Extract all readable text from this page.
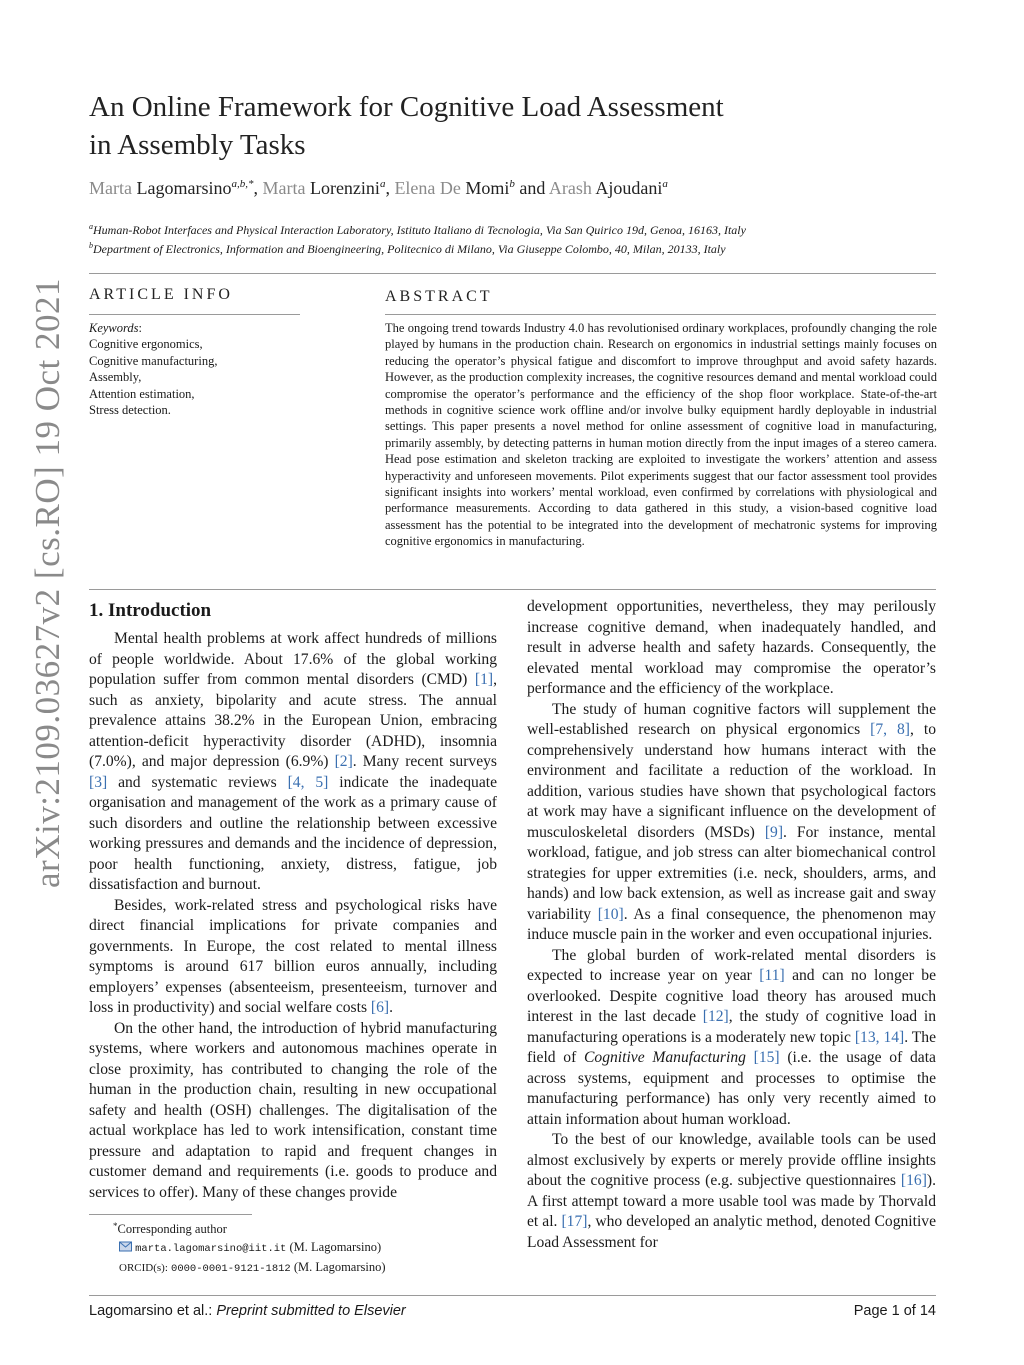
arXiv:2109.03627v2 [cs.RO] 19 Oct 2021
An Online Framework for Cognitive Load Assessment
in Assembly Tasks
Marta Lagomarsino$^{a,b,*}$, Marta Lorenzini$^a$, Elena De Momi$^b$ and Arash Ajoudani$^a$
$^a$Human-Robot Interfaces and Physical Interaction Laboratory, Istituto Italiano di Tecnologia, Via San Quirico 19d, Genoa, 16163, Italy
$^b$Department of Electronics, Information and Bioengineering, Politecnico di Milano, Via Giuseppe Colombo, 40, Milan, 20133, Italy
ARTICLE INFO
Keywords:
Cognitive ergonomics,
Cognitive manufacturing,
Assembly,
Attention estimation,
Stress detection.
ABSTRACT
The ongoing trend towards Industry 4.0 has revolutionised ordinary workplaces, profoundly changing the role played by humans in the production chain. Research on ergonomics in industrial settings mainly focuses on reducing the operator’s physical fatigue and discomfort to improve throughput and avoid safety hazards. However, as the production complexity increases, the cognitive resources demand and mental workload could compromise the operator’s performance and the efficiency of the shop floor workplace. State-of-the-art methods in cognitive science work offline and/or involve bulky equipment hardly deployable in industrial settings. This paper presents a novel method for online assessment of cognitive load in manufacturing, primarily assembly, by detecting patterns in human motion directly from the input images of a stereo camera. Head pose estimation and skeleton tracking are exploited to investigate the workers’ attention and assess hyperactivity and unforeseen movements. Pilot experiments suggest that our factor assessment tool provides significant insights into workers’ mental workload, even confirmed by correlations with physiological and performance measurements. According to data gathered in this study, a vision-based cognitive load assessment has the potential to be integrated into the development of mechatronic systems for improving cognitive ergonomics in manufacturing.
1. Introduction

Mental health problems at work affect hundreds of millions of people worldwide. About 17.6% of the global working population suffer from common mental disorders (CMD) [1], such as anxiety, bipolarity and acute stress. The annual prevalence attains 38.2% in the European Union, embracing attention-deficit hyperactivity disorder (ADHD), insomnia (7.0%), and major depression (6.9%) [2]. Many recent surveys [3] and systematic reviews [4, 5] indicate the inadequate organisation and management of the work as a primary cause of such disorders and outline the relationship between excessive working pressures and demands and the incidence of depression, poor health functioning, anxiety, distress, fatigue, job dissatisfaction and burnout.

Besides, work-related stress and psychological risks have direct financial implications for private companies and governments. In Europe, the cost related to mental illness symptoms is around 617 billion euros annually, including employers’ expenses (absenteeism, presenteeism, turnover and loss in productivity) and social welfare costs [6].

On the other hand, the introduction of hybrid manufacturing systems, where workers and autonomous machines operate in close proximity, has contributed to changing the role of the human in the production chain, resulting in new occupational safety and health (OSH) challenges. The digitalisation of the actual workplace has led to work intensification, constant time pressure and adaptation to rapid and frequent changes in customer demand and requirements (i.e. goods to produce and services to offer). Many of these changes provide

development opportunities, nevertheless, they may perilously increase cognitive demand, when inadequately handled, and result in adverse health and safety hazards. Consequently, the elevated mental workload may compromise the operator’s performance and the efficiency of the workplace.

The study of human cognitive factors will supplement the well-established research on physical ergonomics [7, 8], to comprehensively understand how humans interact with the environment and facilitate a reduction of the workload. In addition, various studies have shown that psychological factors at work may have a significant influence on the development of musculoskeletal disorders (MSDs) [9]. For instance, mental workload, fatigue, and job stress can alter biomechanical control strategies for upper extremities (i.e. neck, shoulders, arms, and hands) and low back extension, as well as increase gait and sway variability [10]. As a final consequence, the phenomenon may induce muscle pain in the worker and even occupational injuries.

The global burden of work-related mental disorders is expected to increase year on year [11] and can no longer be overlooked. Despite cognitive load theory has aroused much interest in the last decade [12], the study of cognitive load in manufacturing operations is a moderately new topic [13, 14]. The field of Cognitive Manufacturing [15] (i.e. the usage of data across systems, equipment and processes to optimise the manufacturing performance) has only very recently aimed to attain information about human workload.

To the best of our knowledge, available tools can be used almost exclusively by experts or merely provide offline insights about the cognitive process (e.g. subjective questionnaires [16]). A first attempt toward a more usable tool was made by Thorvald et al. [17], who developed an analytic method, denoted Cognitive Load Assessment for

*Corresponding author
marta.lagomarsino@iit.it (M. Lagomarsino)
ORCID(s): 0000-0001-9121-1812 (M. Lagomarsino)
Lagomarsino et al.: Preprint submitted to Elsevier	Page 1 of 14
